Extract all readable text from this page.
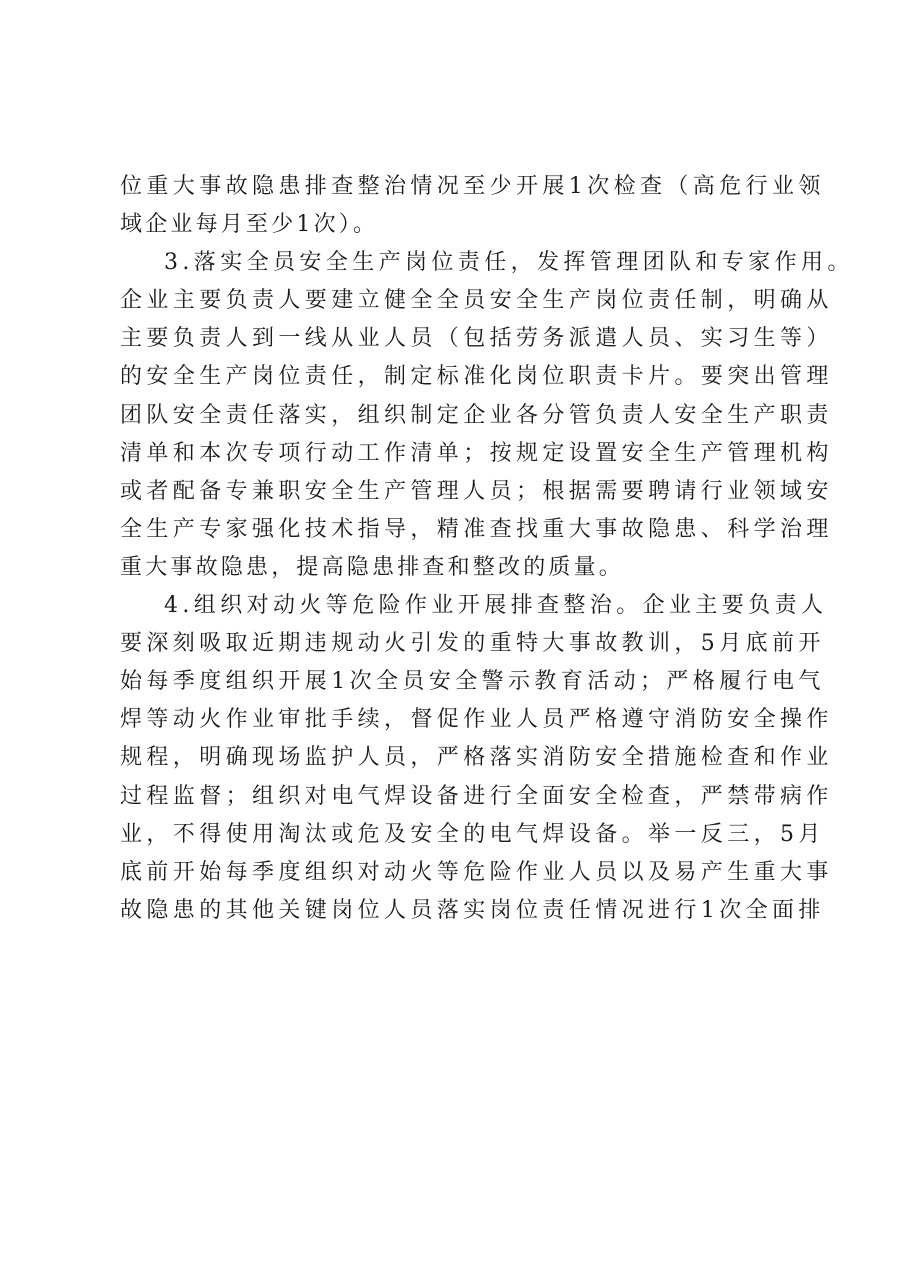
位重大事故隐患排查整治情况至少开展1次检查（高危行业领
域企业每月至少1次）。
3.落实全员安全生产岗位责任，发挥管理团队和专家作用。
企业主要负责人要建立健全全员安全生产岗位责任制，明确从
主要负责人到一线从业人员（包括劳务派遣人员、实习生等）
的安全生产岗位责任，制定标准化岗位职责卡片。要突出管理
团队安全责任落实，组织制定企业各分管负责人安全生产职责
清单和本次专项行动工作清单；按规定设置安全生产管理机构
或者配备专兼职安全生产管理人员；根据需要聘请行业领域安
全生产专家强化技术指导，精准查找重大事故隐患、科学治理
重大事故隐患，提高隐患排查和整改的质量。
4.组织对动火等危险作业开展排查整治。企业主要负责人
要深刻吸取近期违规动火引发的重特大事故教训，5月底前开
始每季度组织开展1次全员安全警示教育活动；严格履行电气
焊等动火作业审批手续，督促作业人员严格遵守消防安全操作
规程，明确现场监护人员，严格落实消防安全措施检查和作业
过程监督；组织对电气焊设备进行全面安全检查，严禁带病作
业，不得使用淘汰或危及安全的电气焊设备。举一反三，5月
底前开始每季度组织对动火等危险作业人员以及易产生重大事
故隐患的其他关键岗位人员落实岗位责任情况进行1次全面排
